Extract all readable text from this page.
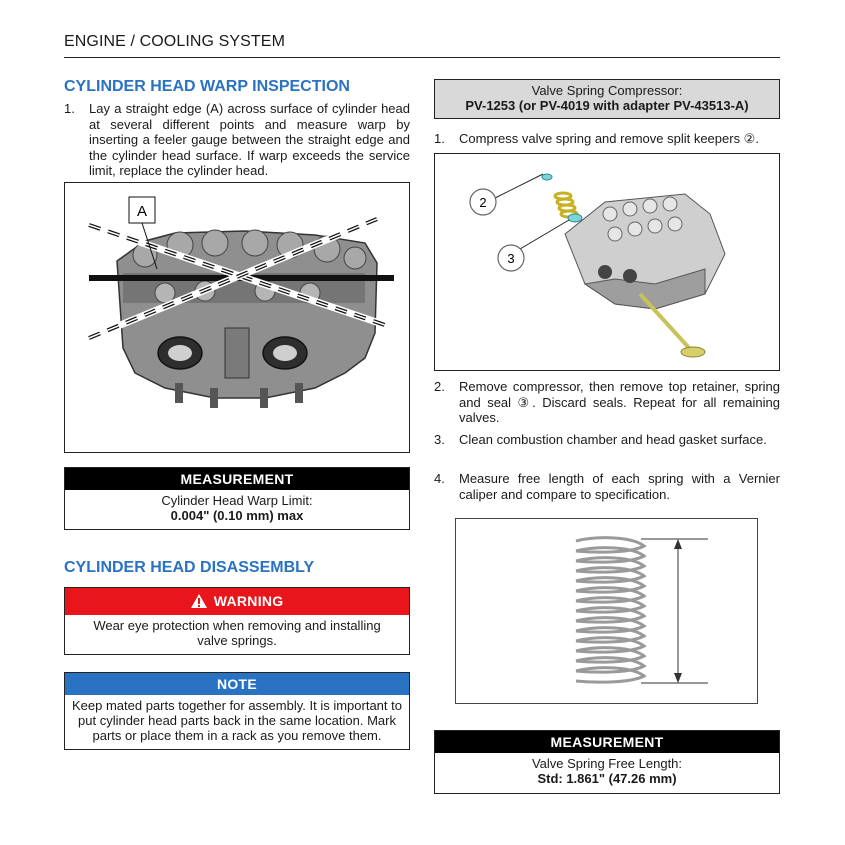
ENGINE / COOLING SYSTEM
CYLINDER HEAD WARP INSPECTION
1. Lay a straight edge (A) across surface of cylinder head at several different points and measure warp by inserting a feeler gauge between the straight edge and the cylinder head surface. If warp exceeds the service limit, replace the cylinder head.
A
MEASUREMENT
Cylinder Head Warp Limit:
0.004" (0.10 mm) max
CYLINDER HEAD DISASSEMBLY
WARNING
Wear eye protection when removing and installing valve springs.
NOTE
Keep mated parts together for assembly. It is important to put cylinder head parts back in the same location. Mark parts or place them in a rack as you remove them.
Valve Spring Compressor:
PV-1253 (or PV-4019 with adapter PV-43513-A)
1. Compress valve spring and remove split keepers ②.
2
3
2. Remove compressor, then remove top retainer, spring and seal ③. Discard seals. Repeat for all remaining valves.
3. Clean combustion chamber and head gasket surface.
4. Measure free length of each spring with a Vernier caliper and compare to specification.
MEASUREMENT
Valve Spring Free Length:
Std: 1.861" (47.26 mm)
